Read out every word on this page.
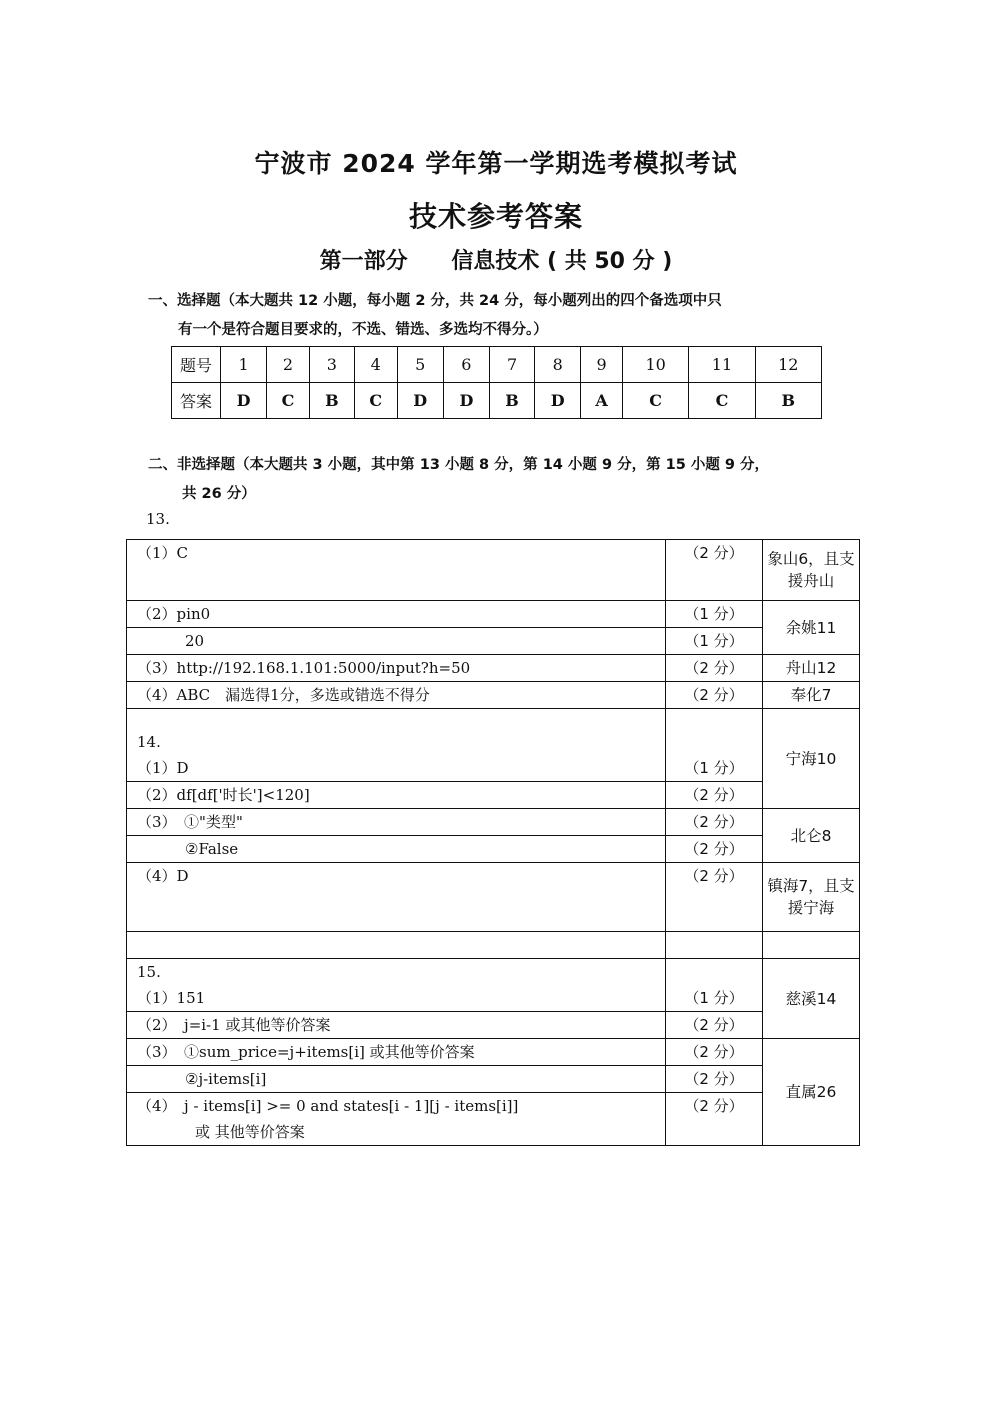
宁波市 2024 学年第一学期选考模拟考试
技术参考答案
第一部分 信息技术 ( 共 50 分 )
一、选择题（本大题共 12 小题，每小题 2 分，共 24 分，每小题列出的四个备选项中只
有一个是符合题目要求的，不选、错选、多选均不得分。）
题号	1	2	3	4	5	6	7	8	9	10	11	12
答案	D	C	B	C	D	D	B	D	A	C	C	B
二、非选择题（本大题共 3 小题，其中第 13 小题 8 分，第 14 小题 9 分，第 15 小题 9 分，
共 26 分）
13.
（1）C	（2 分）	象山6，且支援舟山
（2）pin0	（1 分）	余姚11
20	（1 分）	
（3）http://192.168.1.101:5000/input?h=50	（2 分）	舟山12
（4）ABC　漏选得1分，多选或错选不得分	（2 分）	奉化7

14.
（1）D	（1 分）	宁海10
（2）df[df['时长']<120]	（2 分）	
（3）　①"类型"	（2 分）	北仑8
②False	（2 分）	
（4）D	（2 分）	镇海7，且支援宁海

15.
（1）151	（1 分）	慈溪14
（2）　j=i-1 或其他等价答案	（2 分）	
（3）　①sum_price=j+items[i] 或其他等价答案	（2 分）	直属26
②j-items[i]	（2 分）	

（4）　j - items[i] >= 0 and states[i - 1][j - items[i]]
或 其他等价答案	（2 分）	
